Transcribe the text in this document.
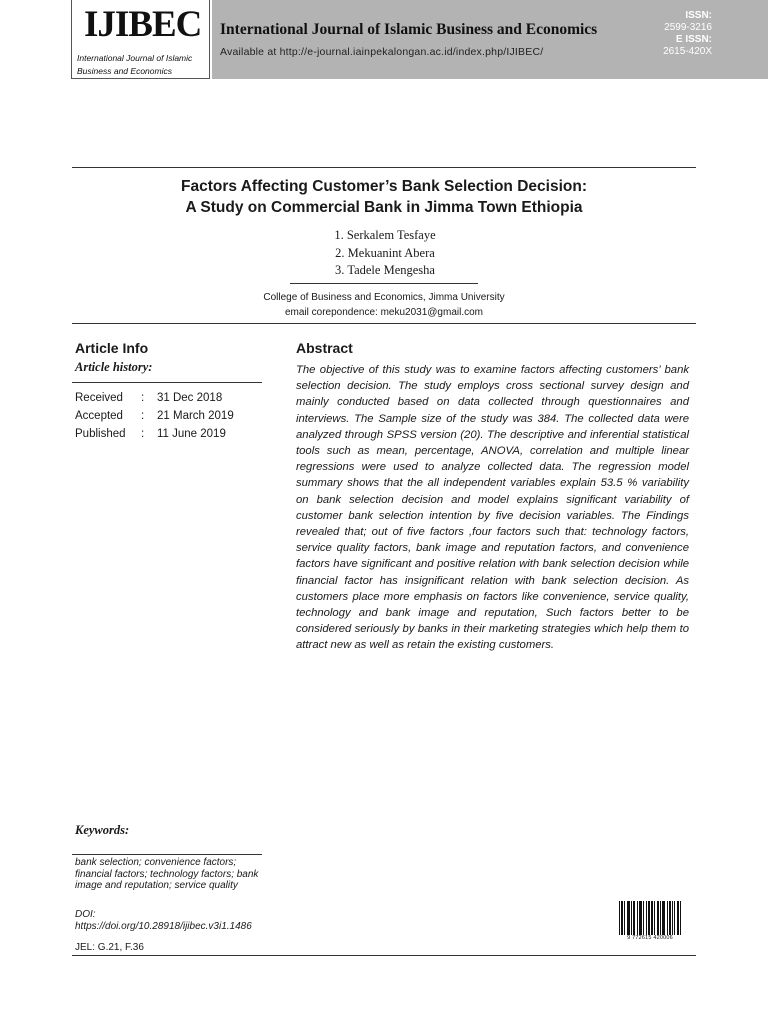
IJIBEC
International Journal of Islamic Business and Economics
International Journal of Islamic Business and Economics
Available at http://e-journal.iainpekalongan.ac.id/index.php/IJIBEC/
ISSN:
2599-3216
E ISSN:
2615-420X
Factors Affecting Customer’s Bank Selection Decision:
A Study on Commercial Bank in Jimma Town Ethiopia
1. Serkalem Tesfaye
2. Mekuanint Abera
3. Tadele Mengesha
College of Business and Economics, Jimma University
email corepondence: meku2031@gmail.com
Article Info
Article history:
Received	:	31 Dec 2018
Accepted	:	21 March 2019
Published	:	11 June 2019
Abstract
The objective of this study was to examine factors affecting customers’ bank selection decision. The study employs cross sectional survey design and mainly conducted based on data collected through questionnaires and interviews. The Sample size of the study was 384. The collected data were analyzed through SPSS version (20). The descriptive and inferential statistical tools such as mean, percentage, ANOVA, correlation and multiple linear regressions were used to analyze collected data. The regression model summary shows that the all independent variables explain 53.5 % variability on bank selection decision and model explains significant variability of customer bank selection intention by five decision variables. The Findings revealed that; out of five factors ,four factors such that: technology factors, service quality factors, bank image and reputation factors, and convenience factors have significant and positive relation with bank selection decision while financial factor has insignificant relation with bank selection decision. As customers place more emphasis on factors like convenience, service quality, technology and bank image and reputation, Such factors better to be considered seriously by banks in their marketing strategies which help them to attract new as well as retain the existing customers.
Keywords:
bank selection; convenience factors; financial factors; technology factors; bank image and reputation; service quality
DOI: https://doi.org/10.28918/ijibec.v3i1.1486
JEL: G.21, F.36
9 772615 420006
